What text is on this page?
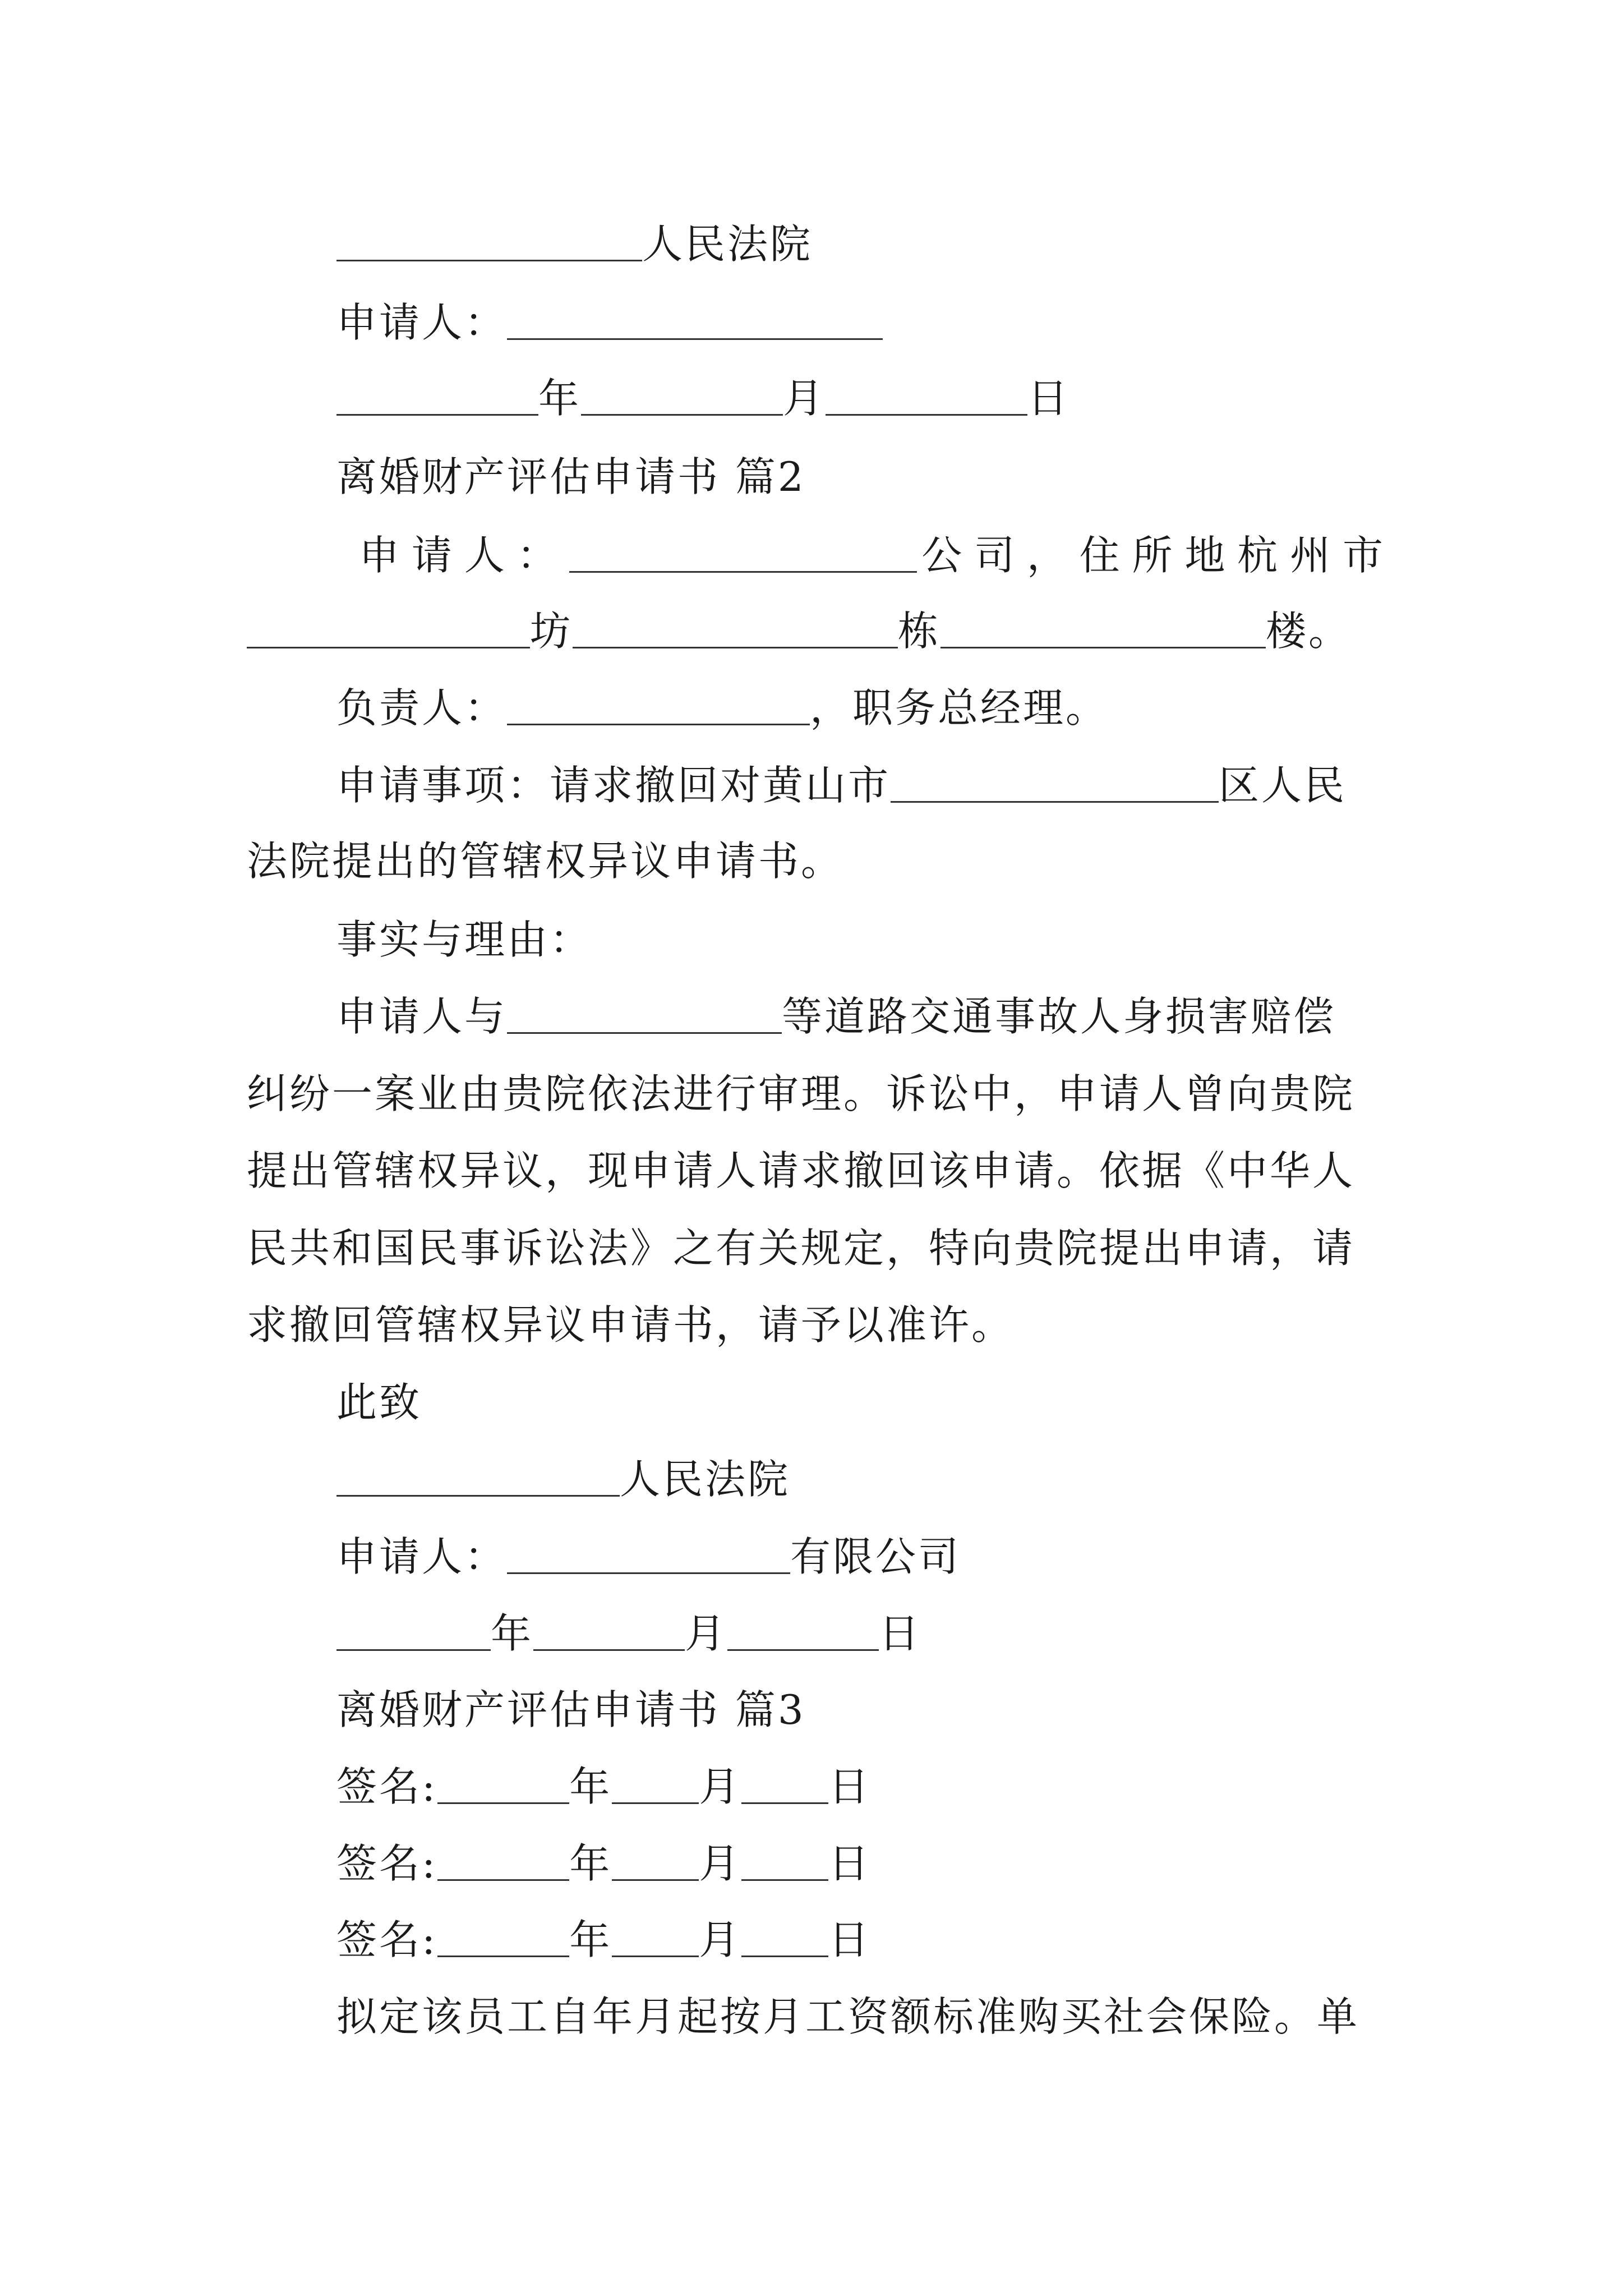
人民法院
申请人：
年	月	日
离婚财产评估申请书 篇2
申请人：	公司，住所地杭州市
坊	栋	楼。
负责人：	，职务总经理。
申请事项：请求撤回对黄山市	区人民
法院提出的管辖权异议申请书。
事实与理由：
申请人与	等道路交通事故人身损害赔偿
纠纷一案业由贵院依法进行审理。诉讼中，申请人曾向贵院
提出管辖权异议，现申请人请求撤回该申请。依据《中华人
民共和国民事诉讼法》之有关规定，特向贵院提出申请，请
求撤回管辖权异议申请书，请予以准许。
此致
人民法院
申请人：	有限公司
年	月	日
离婚财产评估申请书 篇3
签名:	年 月 日
签名:	年 月 日
签名:	年 月 日
拟定该员工自年月起按月工资额标准购买社会保险。单
